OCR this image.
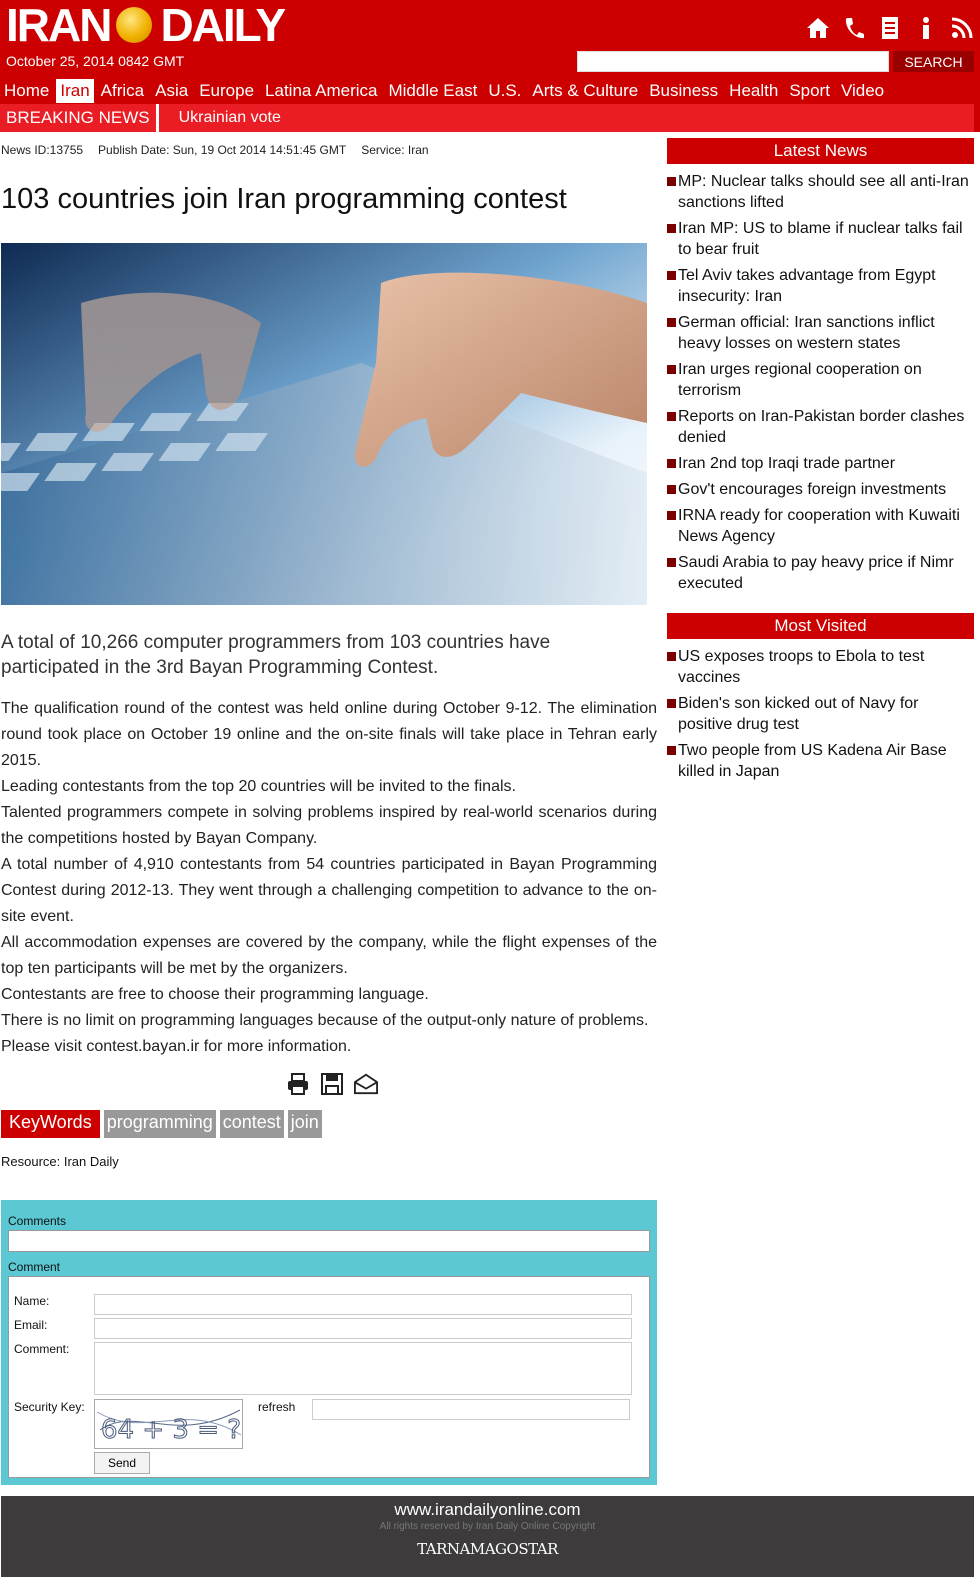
IRAN DAILY
October 25, 2014 0842 GMT	SEARCH
Home Iran Africa Asia Europe Latina America Middle East U.S. Arts & Culture Business Health Sport Video
BREAKING NEWS	Ukrainian vote
News ID:13755 Publish Date: Sun, 19 Oct 2014 14:51:45 GMT Service: Iran
103 countries join Iran programming contest
A total of 10,266 computer programmers from 103 countries have participated in the 3rd Bayan Programming Contest.

The qualification round of the contest was held online during October 9-12. The elimination round took place on October 19 online and the on-site finals will take place in Tehran early 2015.

Leading contestants from the top 20 countries will be invited to the finals.

Talented programmers compete in solving problems inspired by real-world scenarios during the competitions hosted by Bayan Company.

A total number of 4,910 contestants from 54 countries participated in Bayan Programming Contest during 2012-13. They went through a challenging competition to advance to the on-site event.

All accommodation expenses are covered by the company, while the flight expenses of the top ten participants will be met by the organizers.

Contestants are free to choose their programming language.

There is no limit on programming languages because of the output-only nature of problems.

Please visit contest.bayan.ir for more information.

KeyWords programming contest join
Resource: Iran Daily
Comments
Comment
Name:
Email:
Comment:
Security Key:
64 + 3 = ?
refresh
Send
Latest News
MP: Nuclear talks should see all anti-Iran sanctions lifted
Iran MP: US to blame if nuclear talks fail to bear fruit
Tel Aviv takes advantage from Egypt insecurity: Iran
German official: Iran sanctions inflict heavy losses on western states
Iran urges regional cooperation on terrorism
Reports on Iran-Pakistan border clashes denied
Iran 2nd top Iraqi trade partner
Gov't encourages foreign investments
IRNA ready for cooperation with Kuwaiti News Agency
Saudi Arabia to pay heavy price if Nimr executed
Most Visited
US exposes troops to Ebola to test vaccines
Biden's son kicked out of Navy for positive drug test
Two people from US Kadena Air Base killed in Japan
www.irandailyonline.com
All rights reserved by Iran Daily Online Copyright
TARNAMAGOSTAR
